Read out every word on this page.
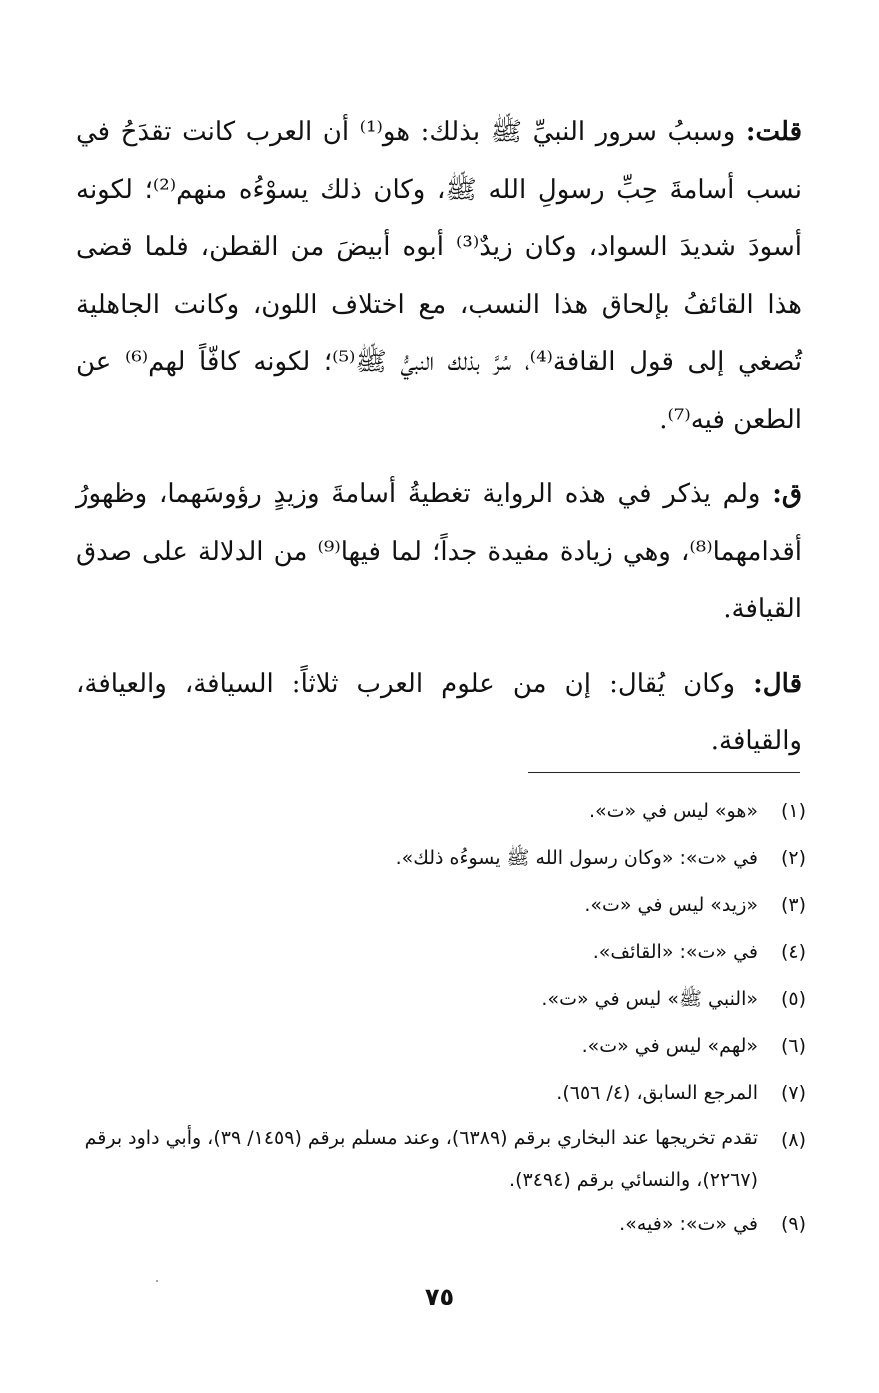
قلت: وسببُ سرور النبيِّ ﷺ بذلك: هو⁽¹⁾ أن العرب كانت تقدَحُ في نسب أسامةَ حِبِّ رسولِ الله ﷺ، وكان ذلك يسوْءُه منهم⁽²⁾؛ لكونه أسودَ شديدَ السواد، وكان زيدٌ⁽³⁾ أبوه أبيضَ من القطن، فلما قضى هذا القائفُ بإلحاق هذا النسب، مع اختلاف اللون، وكانت الجاهلية تُصغي إلى قول القافة⁽⁴⁾، سُرَّ بذلك النبيُّ ﷺ⁽⁵⁾؛ لكونه كافّاً لهم⁽⁶⁾ عن الطعن فيه⁽⁷⁾.

ق: ولم يذكر في هذه الرواية تغطيةُ أسامةَ وزيدٍ رؤوسَهما، وظهورُ أقدامهما⁽⁸⁾، وهي زيادة مفيدة جداً؛ لما فيها⁽⁹⁾ من الدلالة على صدق القيافة.

قال: وكان يُقال: إن من علوم العرب ثلاثاً: السيافة، والعيافة، والقيافة.

(١)
«هو» ليس في «ت».
(٢)
في «ت»: «وكان رسول الله ﷺ يسوءُه ذلك».
(٣)
«زيد» ليس في «ت».
(٤)
في «ت»: «القائف».
(٥)
«النبي ﷺ» ليس في «ت».
(٦)
«لهم» ليس في «ت».
(٧)
المرجع السابق، (٤/ ٦٥٦).
(٨)
تقدم تخريجها عند البخاري برقم (٦٣٨٩)، وعند مسلم برقم (١٤٥٩/ ٣٩)، وأبي داود برقم (٢٢٦٧)، والنسائي برقم (٣٤٩٤).
(٩)
في «ت»: «فيه».
٧٥
